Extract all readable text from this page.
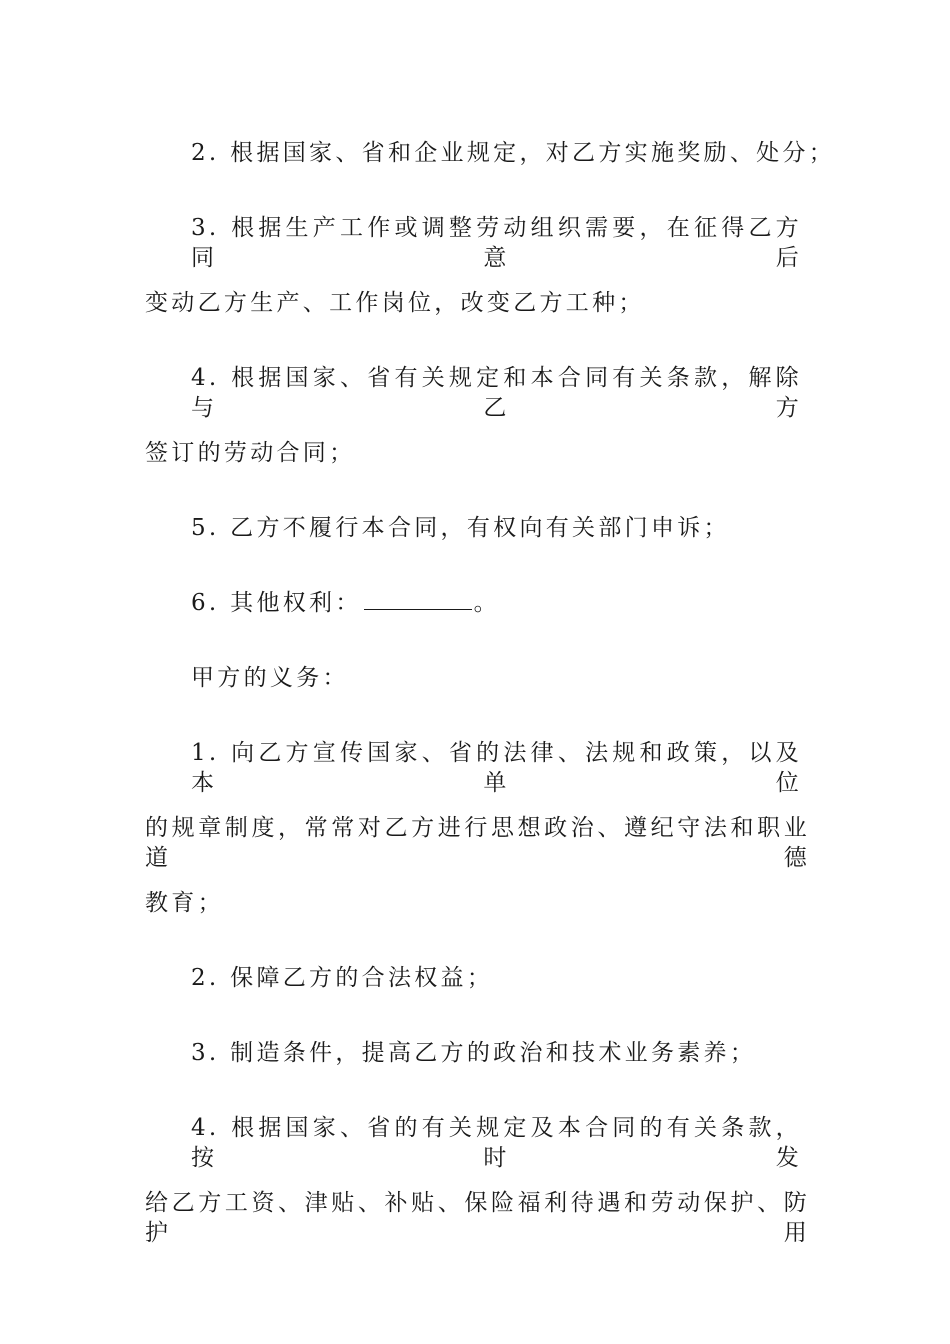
2. 根据国家、省和企业规定，对乙方实施奖励、处分；
3. 根据生产工作或调整劳动组织需要，在征得乙方同意后
变动乙方生产、工作岗位，改变乙方工种；
4. 根据国家、省有关规定和本合同有关条款，解除与乙方
签订的劳动合同；
5. 乙方不履行本合同，有权向有关部门申诉；
6. 其他权利：	。
甲方的义务：
1. 向乙方宣传国家、省的法律、法规和政策，以及本单位
的规章制度，常常对乙方进行思想政治、遵纪守法和职业道德
教育；
2. 保障乙方的合法权益；
3. 制造条件，提高乙方的政治和技术业务素养；
4. 根据国家、省的有关规定及本合同的有关条款，按时发
给乙方工资、津贴、补贴、保险福利待遇和劳动保护、防护用
